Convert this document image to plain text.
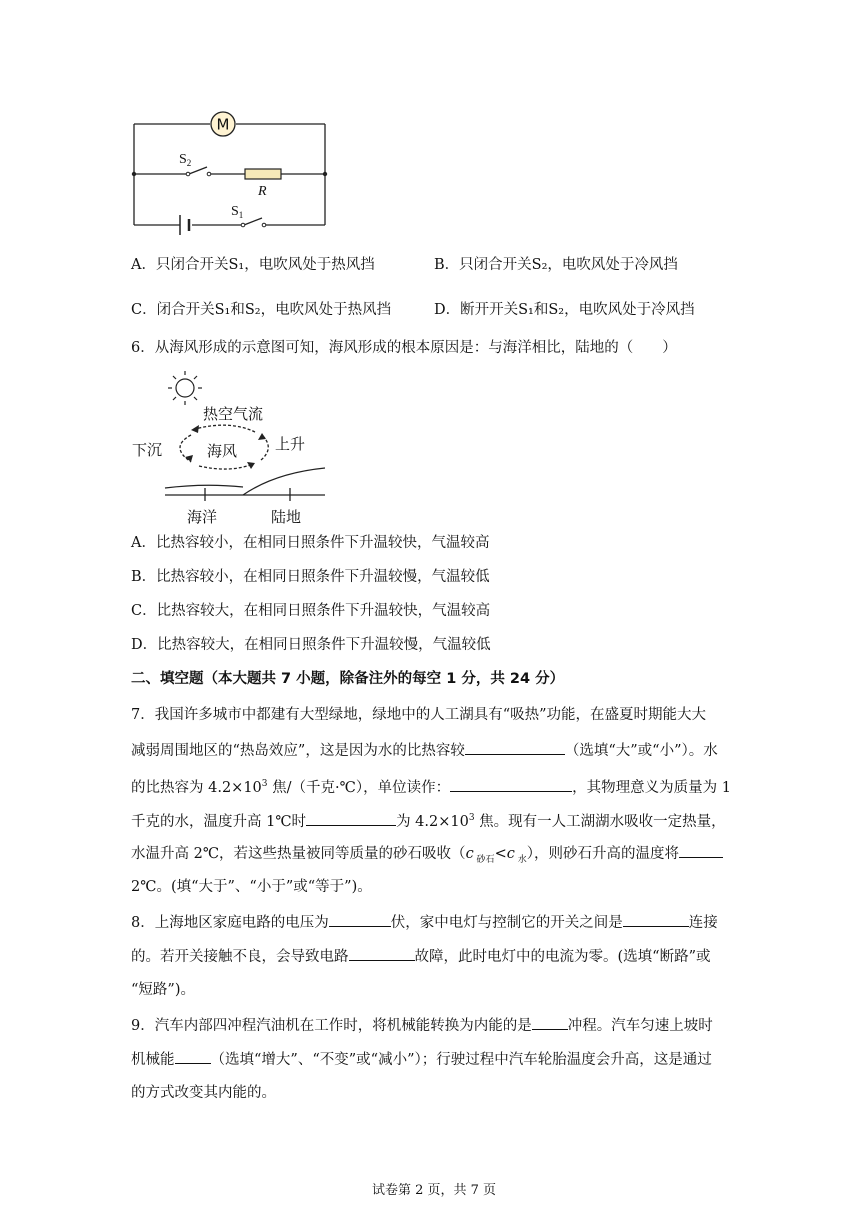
M
$S_2$
R
$S_1$
A．只闭合开关S₁，电吹风处于热风挡	B．只闭合开关S₂，电吹风处于冷风挡
C．闭合开关S₁和S₂，电吹风处于热风挡	D．断开开关S₁和S₂，电吹风处于冷风挡
6．从海风形成的示意图可知，海风形成的根本原因是：与海洋相比，陆地的（　　）
热空气流
下沉	上升
海风
海洋	陆地
A．比热容较小，在相同日照条件下升温较快，气温较高
B．比热容较小，在相同日照条件下升温较慢，气温较低
C．比热容较大，在相同日照条件下升温较快，气温较高
D．比热容较大，在相同日照条件下升温较慢，气温较低
二、填空题（本大题共 7 小题，除备注外的每空 1 分，共 24 分）
7．我国许多城市中都建有大型绿地，绿地中的人工湖具有“吸热”功能，在盛夏时期能大大
减弱周围地区的“热岛效应”，这是因为水的比热容较	（选填“大”或“小”）。水
的比热容为 $4.2\times 10^3$ 焦/（千克·℃），单位读作：	，其物理意义为质量为 1
千克的水，温度升高 1℃时	为 $4.2\times 10^3$ 焦。现有一人工湖湖水吸收一定热量，
水温升高 2℃，若这些热量被同等质量的砂石吸收（c $_{砂石}$<c $_水$），则砂石升高的温度将
2℃。(填“大于”、“小于”或“等于”)。
8．上海地区家庭电路的电压为	伏，家中电灯与控制它的开关之间是	连接
的。若开关接触不良，会导致电路	故障，此时电灯中的电流为零。(选填“断路”或
“短路”)。
9．汽车内部四冲程汽油机在工作时，将机械能转换为内能的是 冲程。汽车匀速上坡时
机械能 （选填“增大”、“不变”或“减小”）；行驶过程中汽车轮胎温度会升高，这是通过
的方式改变其内能的。
试卷第 2 页，共 7 页
